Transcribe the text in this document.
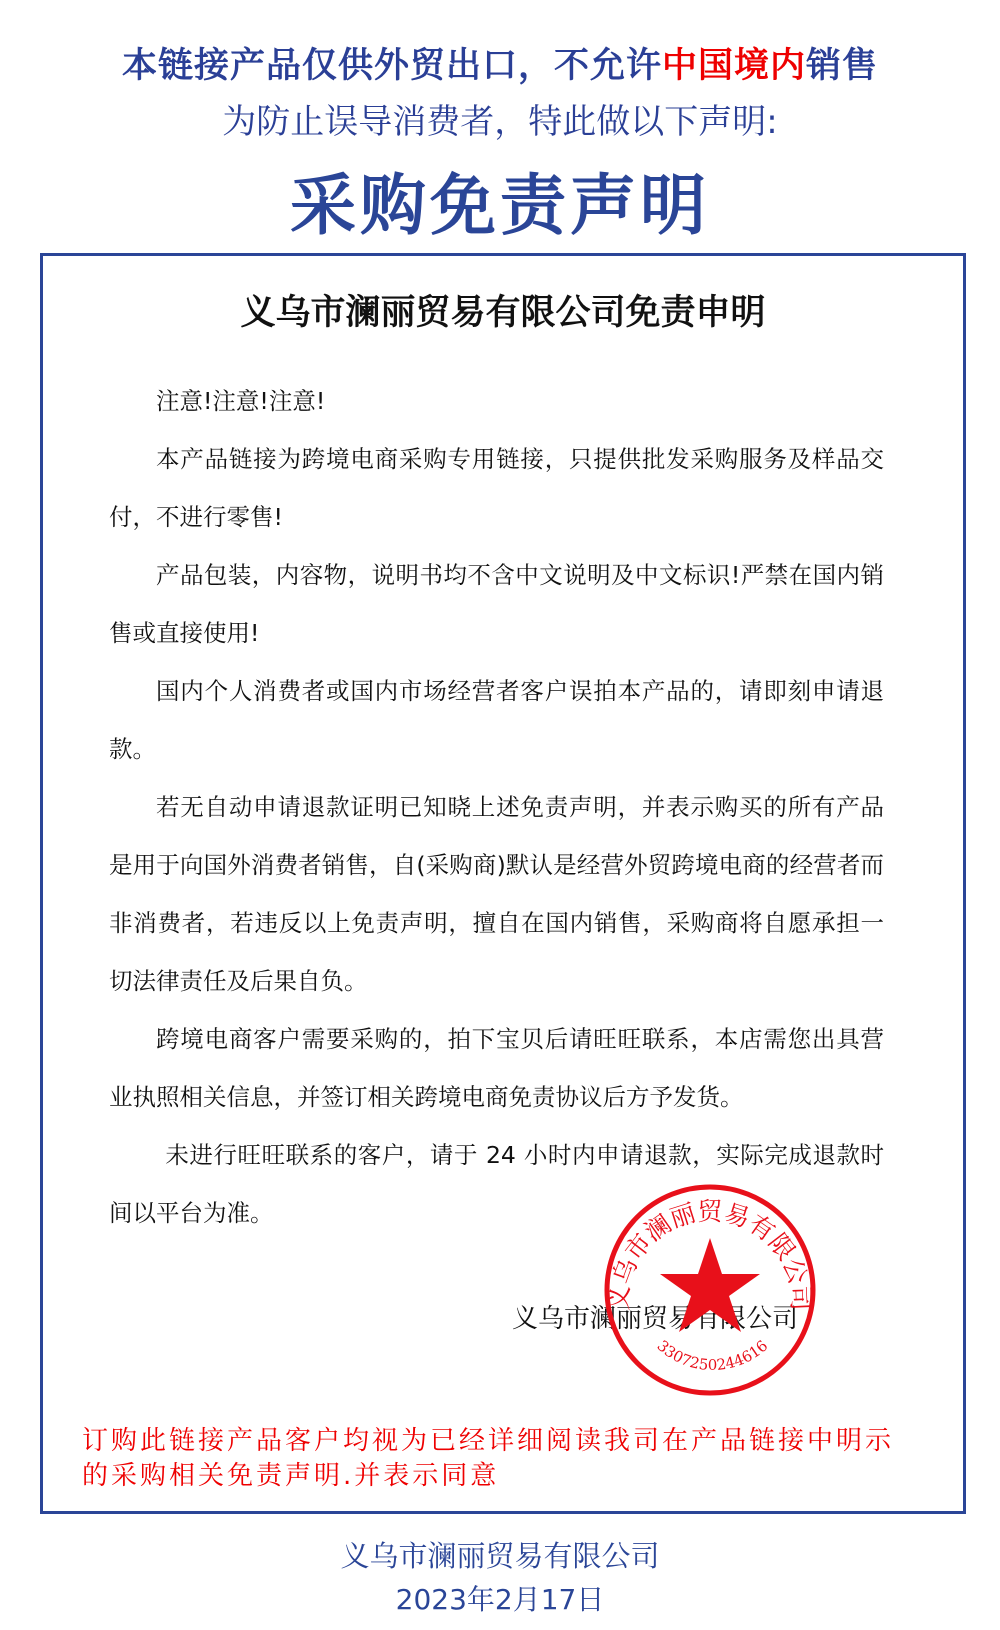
本链接产品仅供外贸出口，不允许中国境内销售
为防止误导消费者，特此做以下声明:
采购免责声明
义乌市澜丽贸易有限公司免责申明

注意!注意!注意!

本产品链接为跨境电商采购专用链接，只提供批发采购服务及样品交付，不进行零售!

产品包装，内容物，说明书均不含中文说明及中文标识!严禁在国内销售或直接使用!

国内个人消费者或国内市场经营者客户误拍本产品的，请即刻申请退款。

若无自动申请退款证明已知晓上述免责声明，并表示购买的所有产品是用于向国外消费者销售，自(采购商)默认是经营外贸跨境电商的经营者而非消费者，若违反以上免责声明，擅自在国内销售，采购商将自愿承担一切法律责任及后果自负。

跨境电商客户需要采购的，拍下宝贝后请旺旺联系，本店需您出具营业执照相关信息，并签订相关跨境电商免责协议后方予发货。

未进行旺旺联系的客户，请于 24 小时内申请退款，实际完成退款时间以平台为准。

义乌市澜丽贸易有限公司
义乌市澜丽贸易有限公司
3307250244616
订购此链接产品客户均视为已经详细阅读我司在产品链接中明示的采购相关免责声明.并表示同意
义乌市澜丽贸易有限公司
2023年2月17日
